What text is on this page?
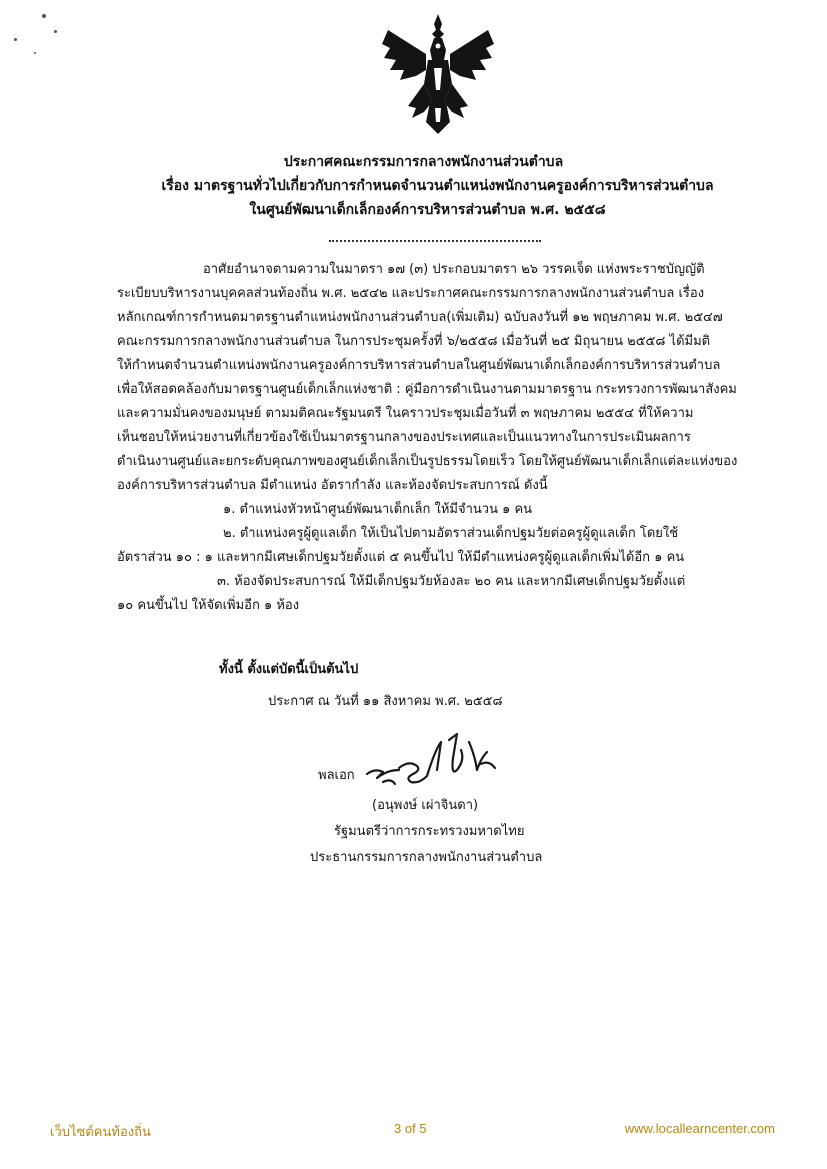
ประกาศคณะกรรมการกลางพนักงานส่วนตำบล
เรื่อง มาตรฐานทั่วไปเกี่ยวกับการกำหนดจำนวนตำแหน่งพนักงานครูองค์การบริหารส่วนตำบล
ในศูนย์พัฒนาเด็กเล็กองค์การบริหารส่วนตำบล พ.ศ. ๒๕๕๘
อาศัยอำนาจตามความในมาตรา ๑๗ (๓) ประกอบมาตรา ๒๖ วรรคเจ็ด แห่งพระราชบัญญัติ
ระเบียบบริหารงานบุคคลส่วนท้องถิ่น พ.ศ. ๒๕๔๒ และประกาศคณะกรรมการกลางพนักงานส่วนตำบล เรื่อง
หลักเกณฑ์การกำหนดมาตรฐานตำแหน่งพนักงานส่วนตำบล(เพิ่มเติม) ฉบับลงวันที่ ๑๒ พฤษภาคม พ.ศ. ๒๕๔๗
คณะกรรมการกลางพนักงานส่วนตำบล ในการประชุมครั้งที่ ๖/๒๕๕๘ เมื่อวันที่ ๒๕ มิถุนายน ๒๕๕๘ ได้มีมติ
ให้กำหนดจำนวนตำแหน่งพนักงานครูองค์การบริหารส่วนตำบลในศูนย์พัฒนาเด็กเล็กองค์การบริหารส่วนตำบล
เพื่อให้สอดคล้องกับมาตรฐานศูนย์เด็กเล็กแห่งชาติ : คู่มือการดำเนินงานตามมาตรฐาน กระทรวงการพัฒนาสังคม
และความมั่นคงของมนุษย์ ตามมติคณะรัฐมนตรี ในคราวประชุมเมื่อวันที่ ๓ พฤษภาคม ๒๕๕๔ ที่ให้ความ
เห็นชอบให้หน่วยงานที่เกี่ยวข้องใช้เป็นมาตรฐานกลางของประเทศและเป็นแนวทางในการประเมินผลการ
ดำเนินงานศูนย์และยกระดับคุณภาพของศูนย์เด็กเล็กเป็นรูปธรรมโดยเร็ว โดยให้ศูนย์พัฒนาเด็กเล็กแต่ละแห่งของ
องค์การบริหารส่วนตำบล มีตำแหน่ง อัตรากำลัง และห้องจัดประสบการณ์ ดังนี้
๑. ตำแหน่งหัวหน้าศูนย์พัฒนาเด็กเล็ก ให้มีจำนวน ๑ คน
๒. ตำแหน่งครูผู้ดูแลเด็ก ให้เป็นไปตามอัตราส่วนเด็กปฐมวัยต่อครูผู้ดูแลเด็ก โดยใช้
อัตราส่วน ๑๐ : ๑ และหากมีเศษเด็กปฐมวัยตั้งแต่ ๕ คนขึ้นไป ให้มีตำแหน่งครูผู้ดูแลเด็กเพิ่มได้อีก ๑ คน
๓. ห้องจัดประสบการณ์ ให้มีเด็กปฐมวัยห้องละ ๒๐ คน และหากมีเศษเด็กปฐมวัยตั้งแต่
๑๐ คนขึ้นไป ให้จัดเพิ่มอีก ๑ ห้อง
ทั้งนี้ ตั้งแต่บัดนี้เป็นต้นไป
ประกาศ ณ วันที่ ๑๑ สิงหาคม พ.ศ. ๒๕๕๘
พลเอก
(อนุพงษ์ เผ่าจินดา)
รัฐมนตรีว่าการกระทรวงมหาดไทย
ประธานกรรมการกลางพนักงานส่วนตำบล
เว็บไซต์คนท้องถิ่น	3 of 5	www.locallearncenter.com
